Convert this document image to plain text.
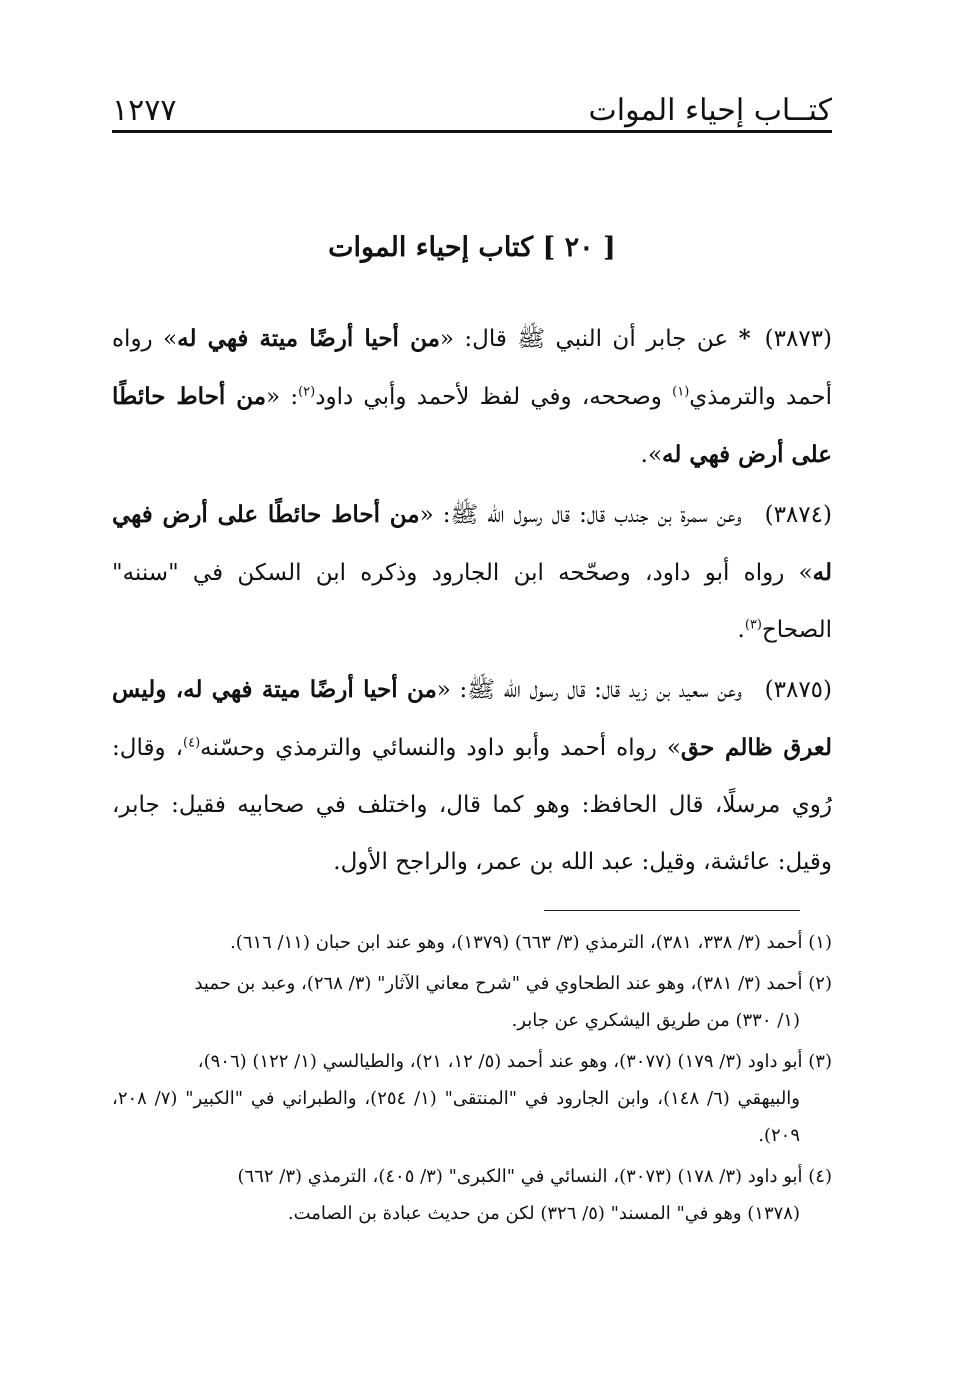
كتــاب إحياء الموات
١٢٧٧
[ ٢٠ ] كتاب إحياء الموات

(٣٨٧٣)* عن جابر أن النبي ﷺ قال: «من أحيا أرضًا ميتة فهي له» رواه أحمد والترمذي$^{(١)}$ وصححه، وفي لفظ لأحمد وأبي داود$^{(٢)}$: «من أحاط حائطًا على أرض فهي له».

(٣٨٧٤) وعن سمرة بن جندب قال: قال رسول الله ﷺ: «من أحاط حائطًا على أرض فهي له» رواه أبو داود، وصحّحه ابن الجارود وذكره ابن السكن في "سننه" الصحاح$^{(٣)}$.

(٣٨٧٥) وعن سعيد بن زيد قال: قال رسول الله ﷺ: «من أحيا أرضًا ميتة فهي له، وليس لعرق ظالم حق» رواه أحمد وأبو داود والنسائي والترمذي وحسّنه$^{(٤)}$، وقال: رُوي مرسلًا، قال الحافظ: وهو كما قال، واختلف في صحابيه فقيل: جابر، وقيل: عائشة، وقيل: عبد الله بن عمر، والراجح الأول.

(١) أحمد (٣/ ٣٣٨، ٣٨١)، الترمذي (٣/ ٦٦٣) (١٣٧٩)، وهو عند ابن حبان (١١/ ٦١٦).
(٢) أحمد (٣/ ٣٨١)، وهو عند الطحاوي في "شرح معاني الآثار" (٣/ ٢٦٨)، وعبد بن حميد
(١/ ٣٣٠) من طريق اليشكري عن جابر.
(٣) أبو داود (٣/ ١٧٩) (٣٠٧٧)، وهو عند أحمد (٥/ ١٢، ٢١)، والطيالسي (١/ ١٢٢) (٩٠٦)،
والبيهقي (٦/ ١٤٨)، وابن الجارود في "المنتقى" (١/ ٢٥٤)، والطبراني في "الكبير" (٧/ ٢٠٨، ٢٠٩).
(٤) أبو داود (٣/ ١٧٨) (٣٠٧٣)، النسائي في "الكبرى" (٣/ ٤٠٥)، الترمذي (٣/ ٦٦٢)
(١٣٧٨) وهو في" المسند" (٥/ ٣٢٦) لكن من حديث عبادة بن الصامت.
